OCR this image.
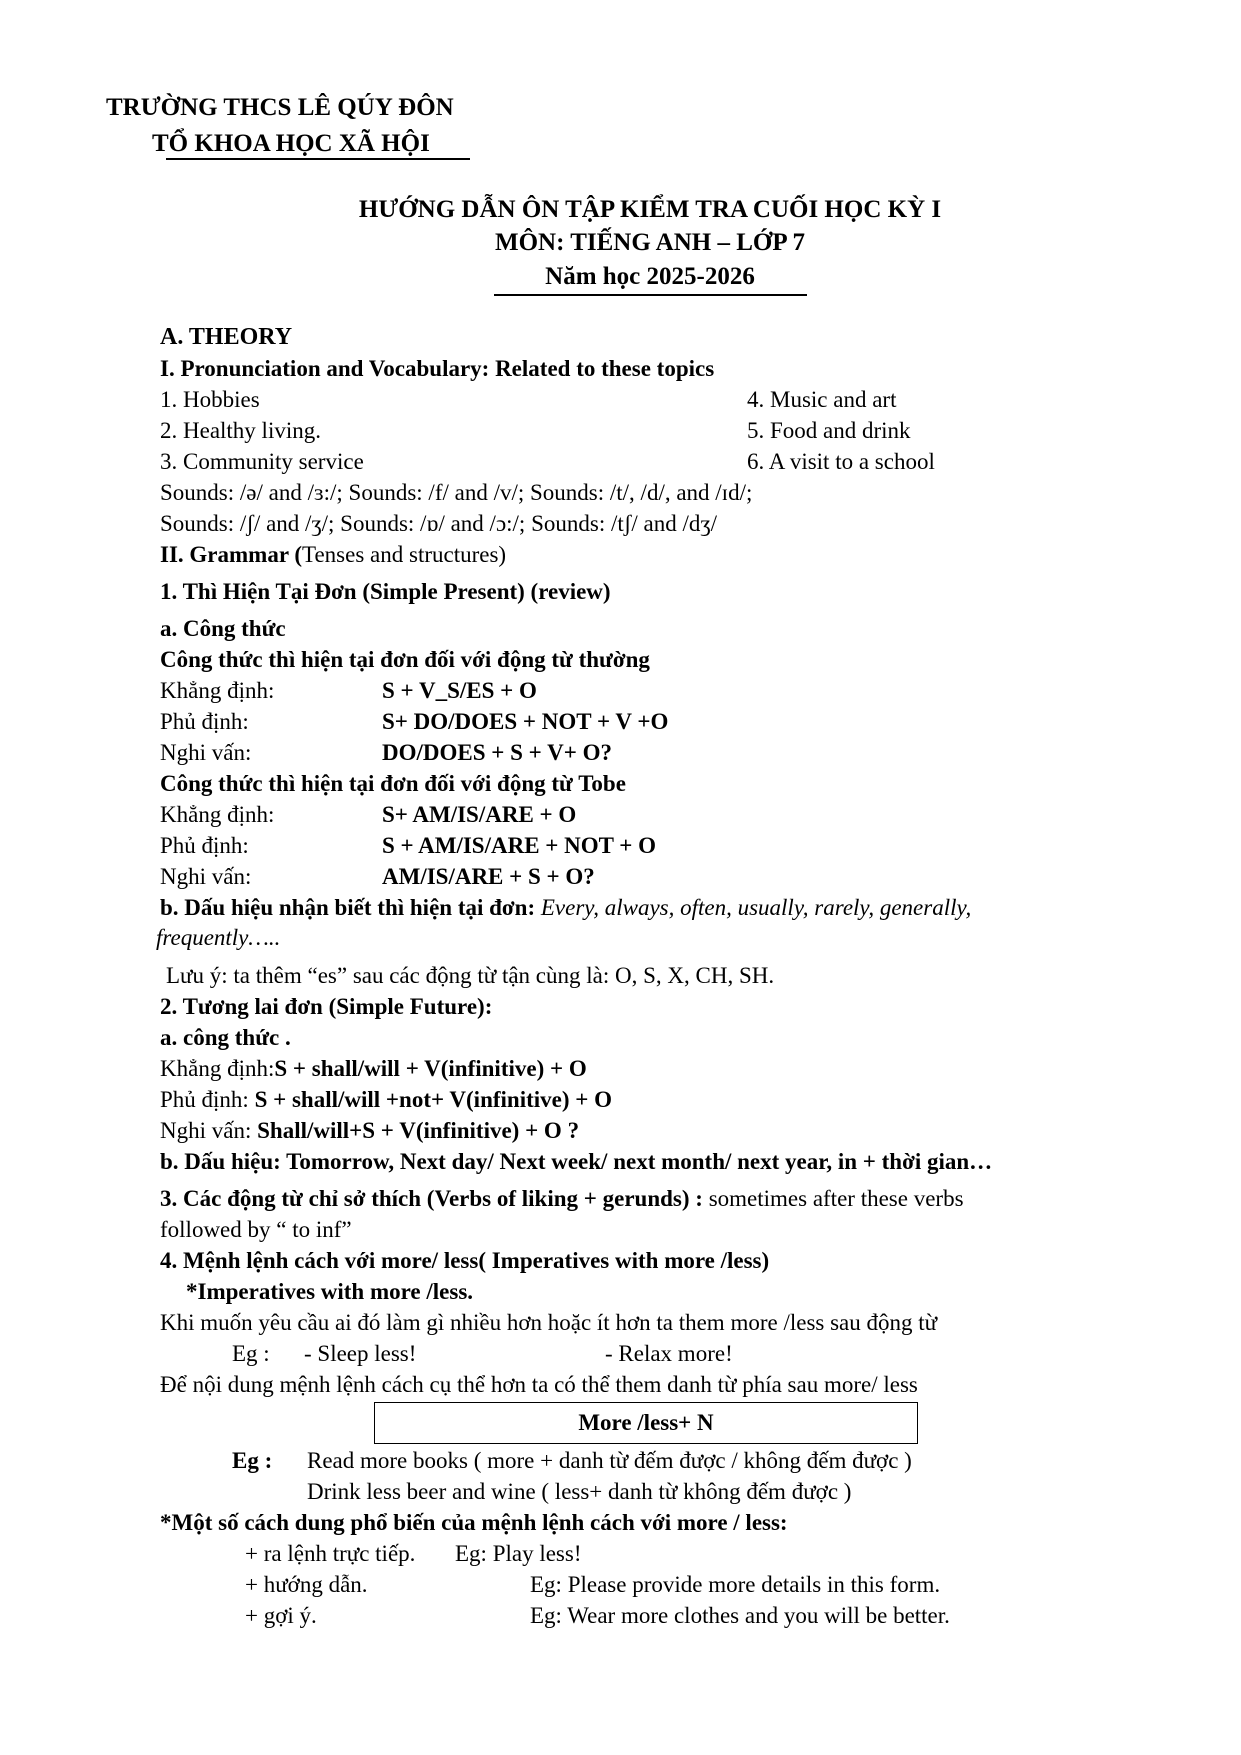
TRƯỜNG THCS LÊ QÚY ĐÔN
TỔ KHOA HỌC XÃ HỘI
HƯỚNG DẪN ÔN TẬP KIỂM TRA CUỐI HỌC KỲ I
MÔN: TIẾNG ANH – LỚP 7
Năm học 2025-2026
A. THEORY
I. Pronunciation and Vocabulary: Related to these topics
1. Hobbies	4. Music and art
2. Healthy living.	5. Food and drink
3. Community service	6. A visit to a school
Sounds: /ə/ and /ɜ:/; Sounds: /f/ and /v/; Sounds: /t/, /d/, and /ɪd/;
Sounds: /ʃ/ and /ʒ/; Sounds: /ɒ/ and /ɔ:/; Sounds: /tʃ/ and /dʒ/
II. Grammar (Tenses and structures)
1. Thì Hiện Tại Đơn (Simple Present) (review)
a. Công thức
Công thức thì hiện tại đơn đối với động từ thường
Khẳng định:	S + V_S/ES + O
Phủ định:	S+ DO/DOES + NOT + V +O
Nghi vấn:	DO/DOES + S + V+ O?
Công thức thì hiện tại đơn đối với động từ Tobe
Khẳng định:	S+ AM/IS/ARE + O
Phủ định:	S + AM/IS/ARE + NOT + O
Nghi vấn:	AM/IS/ARE + S + O?
b. Dấu hiệu nhận biết thì hiện tại đơn: Every, always, often, usually, rarely, generally,
frequently…..
Lưu ý: ta thêm “es” sau các động từ tận cùng là: O, S, X, CH, SH.
2. Tương lai đơn (Simple Future):
a. công thức .
Khẳng định:S + shall/will + V(infinitive) + O
Phủ định: S + shall/will +not+ V(infinitive) + O
Nghi vấn: Shall/will+S + V(infinitive) + O ?
b. Dấu hiệu: Tomorrow, Next day/ Next week/ next month/ next year, in + thời gian…
3. Các động từ chỉ sở thích (Verbs of liking + gerunds) : sometimes after these verbs
followed by “ to inf”
4. Mệnh lệnh cách với more/ less( Imperatives with more /less)
*Imperatives with more /less.
Khi muốn yêu cầu ai đó làm gì nhiều hơn hoặc ít hơn ta them more /less sau động từ
Eg : - Sleep less!	- Relax more!
Để nội dung mệnh lệnh cách cụ thể hơn ta có thể them danh từ phía sau more/ less
More /less+ N
Eg : Read more books ( more + danh từ đếm được / không đếm được )
Drink less beer and wine ( less+ danh từ không đếm được )
*Một số cách dung phổ biến của mệnh lệnh cách với more / less:
+ ra lệnh trực tiếp. Eg: Play less!
+ hướng dẫn.	Eg: Please provide more details in this form.
+ gợi ý.	Eg: Wear more clothes and you will be better.
